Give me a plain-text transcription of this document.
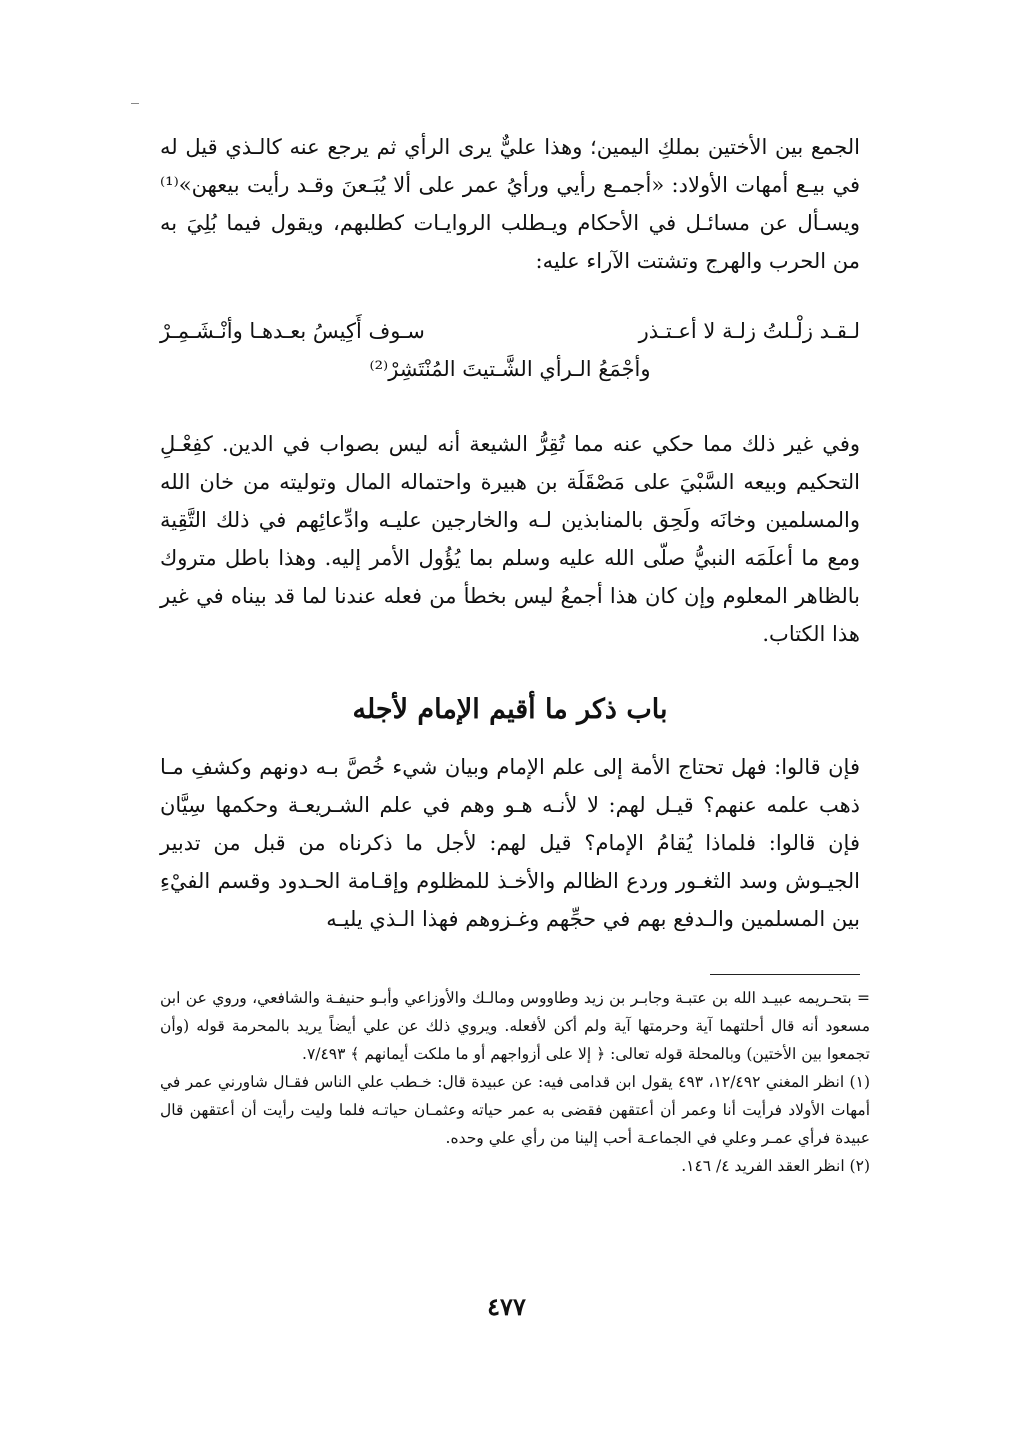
الجمع بين الأختين بملكِ اليمين؛ وهذا عليٌّ يرى الرأي ثم يرجع عنه كالـذي قيل له في بيـع أمهات الأولاد: «أجمـع رأيي ورأيُ عمر على ألا يُبَـعنَ وقـد رأيت بيعهن»⁽¹⁾ ويسـأل عن مسائـل في الأحكام ويـطلب الروايـات كطلبهم، ويقول فيما بُلِيَ به من الحرب والهرج وتشتت الآراء عليه:

لـقـد زلْـلتُ زلـة لا أعـتـذر
سـوف أَكِيسُ بعـدهـا وأنْـشَـمِـرْ
وأجْمَعُ الـرأي الشَّـتيتَ المُنْتَشِرْ⁽²⁾

وفي غير ذلك مما حكي عنه مما تُقِرُّ الشيعة أنه ليس بصواب في الدين. كفِعْـلِ التحكيم وبيعه السَّبْيَ على مَصْقَلَة بن هبيرة واحتماله المال وتوليته من خان الله والمسلمين وخانَه ولَحِق بالمنابذين لـه والخارجين عليـه وادِّعائِهم في ذلك التَّقِية ومع ما أعلَمَه النبيُّ صلّى الله عليه وسلم بما يُؤُول الأمر إليه. وهذا باطل متروك بالظاهر المعلوم وإن كان هذا أجمعُ ليس بخطأ من فعله عندنا لما قد بيناه في غير هذا الكتاب.

باب ذكر ما أقيم الإمام لأجله

فإن قالوا: فهل تحتاج الأمة إلى علم الإمام وبيان شيء خُصَّ بـه دونهم وكشفِ مـا ذهب علمه عنهم؟ قيـل لهم: لا لأنـه هـو وهم في علم الشـريعـة وحكمها سِيَّان فإن قالوا: فلماذا يُقامُ الإمام؟ قيل لهم: لأجل ما ذكرناه من قبل من تدبير الجيـوش وسد الثغـور وردع الظالم والأخـذ للمظلوم وإقـامة الحـدود وقسم الفيْءِ بين المسلمين والـدفع بهم في حجِّهم وغـزوهم فهذا الـذي يليـه

= بتحـريمه عبيـد الله بن عتبـة وجابـر بن زيد وطاووس ومالـك والأوزاعي وأبـو حنيفـة والشافعي، وروي عن ابن مسعود أنه قال أحلتهما آية وحرمتها آية ولم أكن لأفعله. ويروي ذلك عن علي أيضاً يريد بالمحرمة قوله (وأن تجمعوا بين الأختين) وبالمحلة قوله تعالى: ﴿ إلا على أزواجهم أو ما ملكت أيمانهم ﴾ ٧/٤٩٣.

(١) انظر المغني ١٢/٤٩٢، ٤٩٣ يقول ابن قدامى فيه: عن عبيدة قال: خـطب علي الناس فقـال شاورني عمر في أمهات الأولاد فرأيت أنا وعمر أن أعتقهن فقضى به عمر حياته وعثمـان حياتـه فلما وليت رأيت أن أعتقهن قال عبيدة فرأي عمـر وعلي في الجماعـة أحب إلينا من رأي علي وحده.

(٢) انظر العقد الفريد ٤/ ١٤٦.

٤٧٧
